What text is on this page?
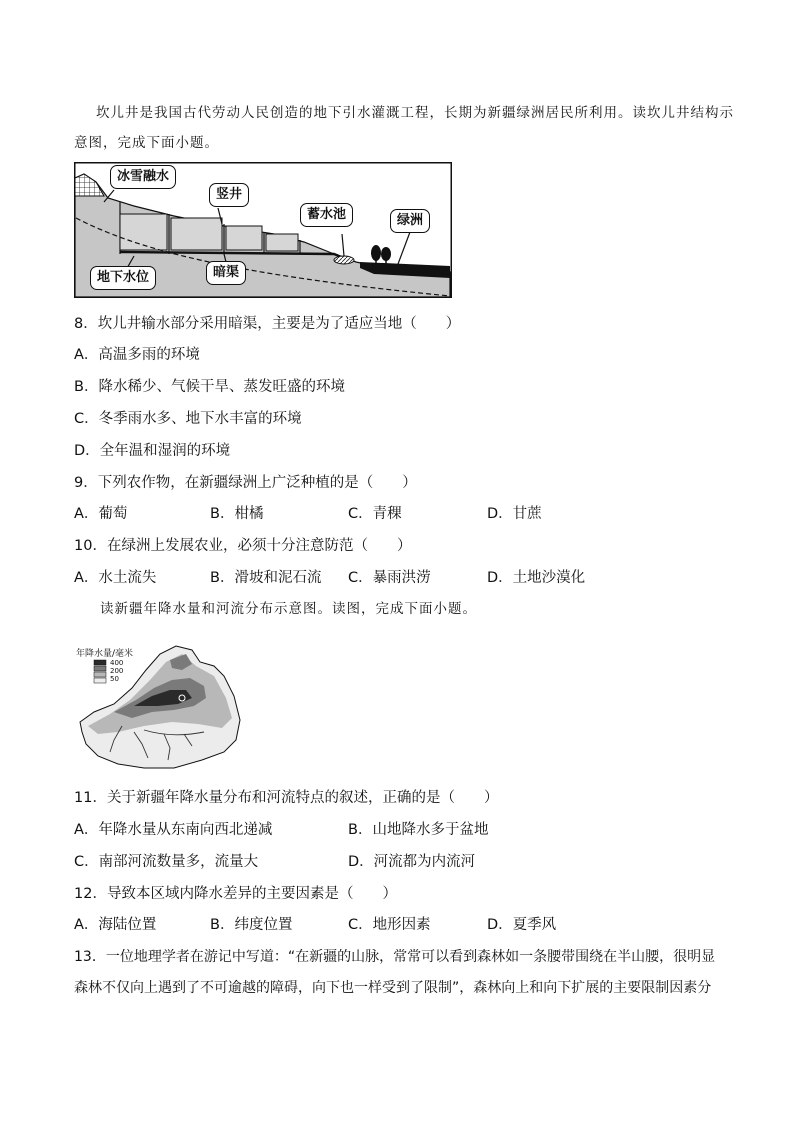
坎儿井是我国古代劳动人民创造的地下引水灌溉工程，长期为新疆绿洲居民所利用。读坎儿井结构示
意图，完成下面小题。
冰雪融水
竖井
蓄水池	绿洲
地下水位	暗渠
8．坎儿井输水部分采用暗渠，主要是为了适应当地（　　）
A．高温多雨的环境
B．降水稀少、气候干旱、蒸发旺盛的环境
C．冬季雨水多、地下水丰富的环境
D．全年温和湿润的环境
9．下列农作物，在新疆绿洲上广泛种植的是（　　）
A．葡萄	B．柑橘	C．青稞	D．甘蔗
10．在绿洲上发展农业，必须十分注意防范（　　）
A．水土流失	B．滑坡和泥石流 C．暴雨洪涝	D．土地沙漠化
读新疆年降水量和河流分布示意图。读图，完成下面小题。
年降水量/毫米
400
200
50
11．关于新疆年降水量分布和河流特点的叙述，正确的是（　　）
A．年降水量从东南向西北递减	B．山地降水多于盆地
C．南部河流数量多，流量大	D．河流都为内流河
12．导致本区域内降水差异的主要因素是（　　）
A．海陆位置	B．纬度位置	C．地形因素	D．夏季风
13．一位地理学者在游记中写道：“在新疆的山脉，常常可以看到森林如一条腰带围绕在半山腰，很明显
森林不仅向上遇到了不可逾越的障碍，向下也一样受到了限制”，森林向上和向下扩展的主要限制因素分
